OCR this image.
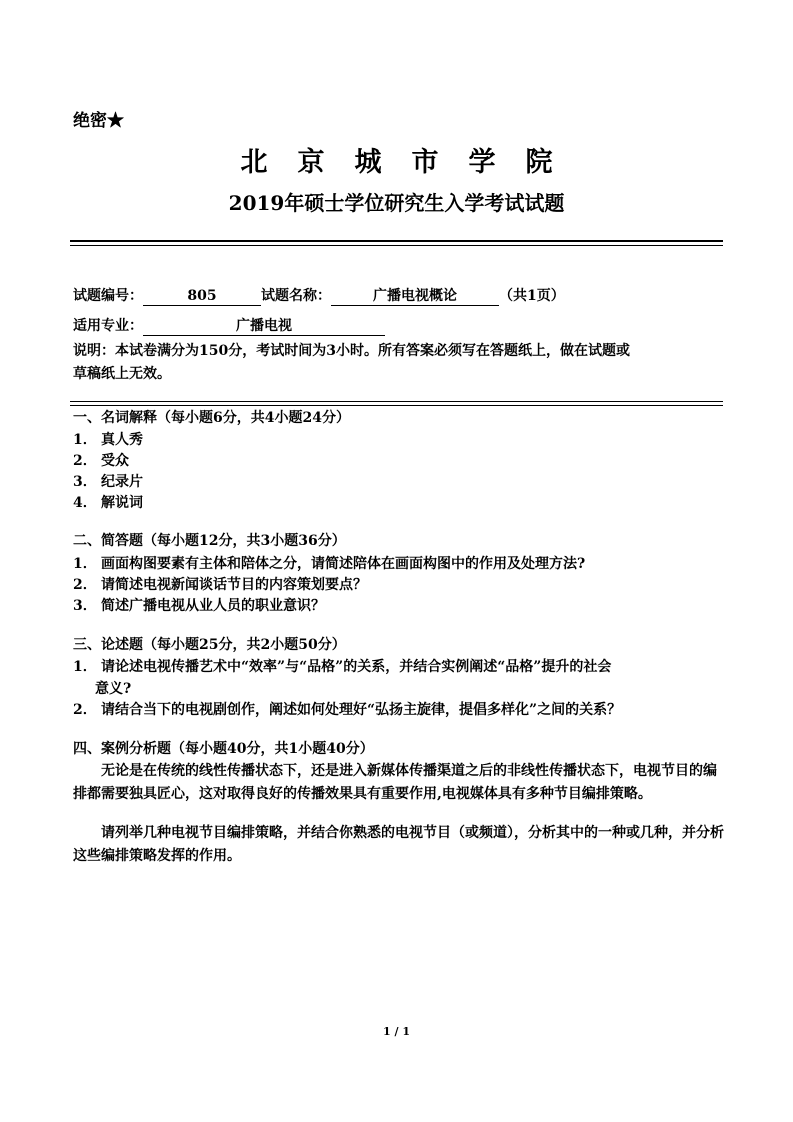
绝密★
北京城市学院
2019年硕士学位研究生入学考试试题
试题编号：	805	试题名称：	广播电视概论	（共1页）
适用专业：	广播电视
说明：本试卷满分为150分，考试时间为3小时。所有答案必须写在答题纸上，做在试题或
草稿纸上无效。
一、名词解释（每小题6分，共4小题24分）
1． 真人秀
2． 受众
3． 纪录片
4． 解说词
二、简答题（每小题12分，共3小题36分）
1． 画面构图要素有主体和陪体之分，请简述陪体在画面构图中的作用及处理方法?
2． 请简述电视新闻谈话节目的内容策划要点？
3． 简述广播电视从业人员的职业意识？
三、论述题（每小题25分，共2小题50分）
1． 请论述电视传播艺术中“效率”与“品格”的关系，并结合实例阐述“品格”提升的社会
意义?
2． 请结合当下的电视剧创作，阐述如何处理好“弘扬主旋律，提倡多样化”之间的关系？
四、案例分析题（每小题40分，共1小题40分）
无论是在传统的线性传播状态下，还是进入新媒体传播渠道之后的非线性传播状态下，电视节目的编排都需要独具匠心，这对取得良好的传播效果具有重要作用,电视媒体具有多种节目编排策略。
请列举几种电视节目编排策略，并结合你熟悉的电视节目（或频道），分析其中的一种或几种，并分析这些编排策略发挥的作用。
1 / 1
